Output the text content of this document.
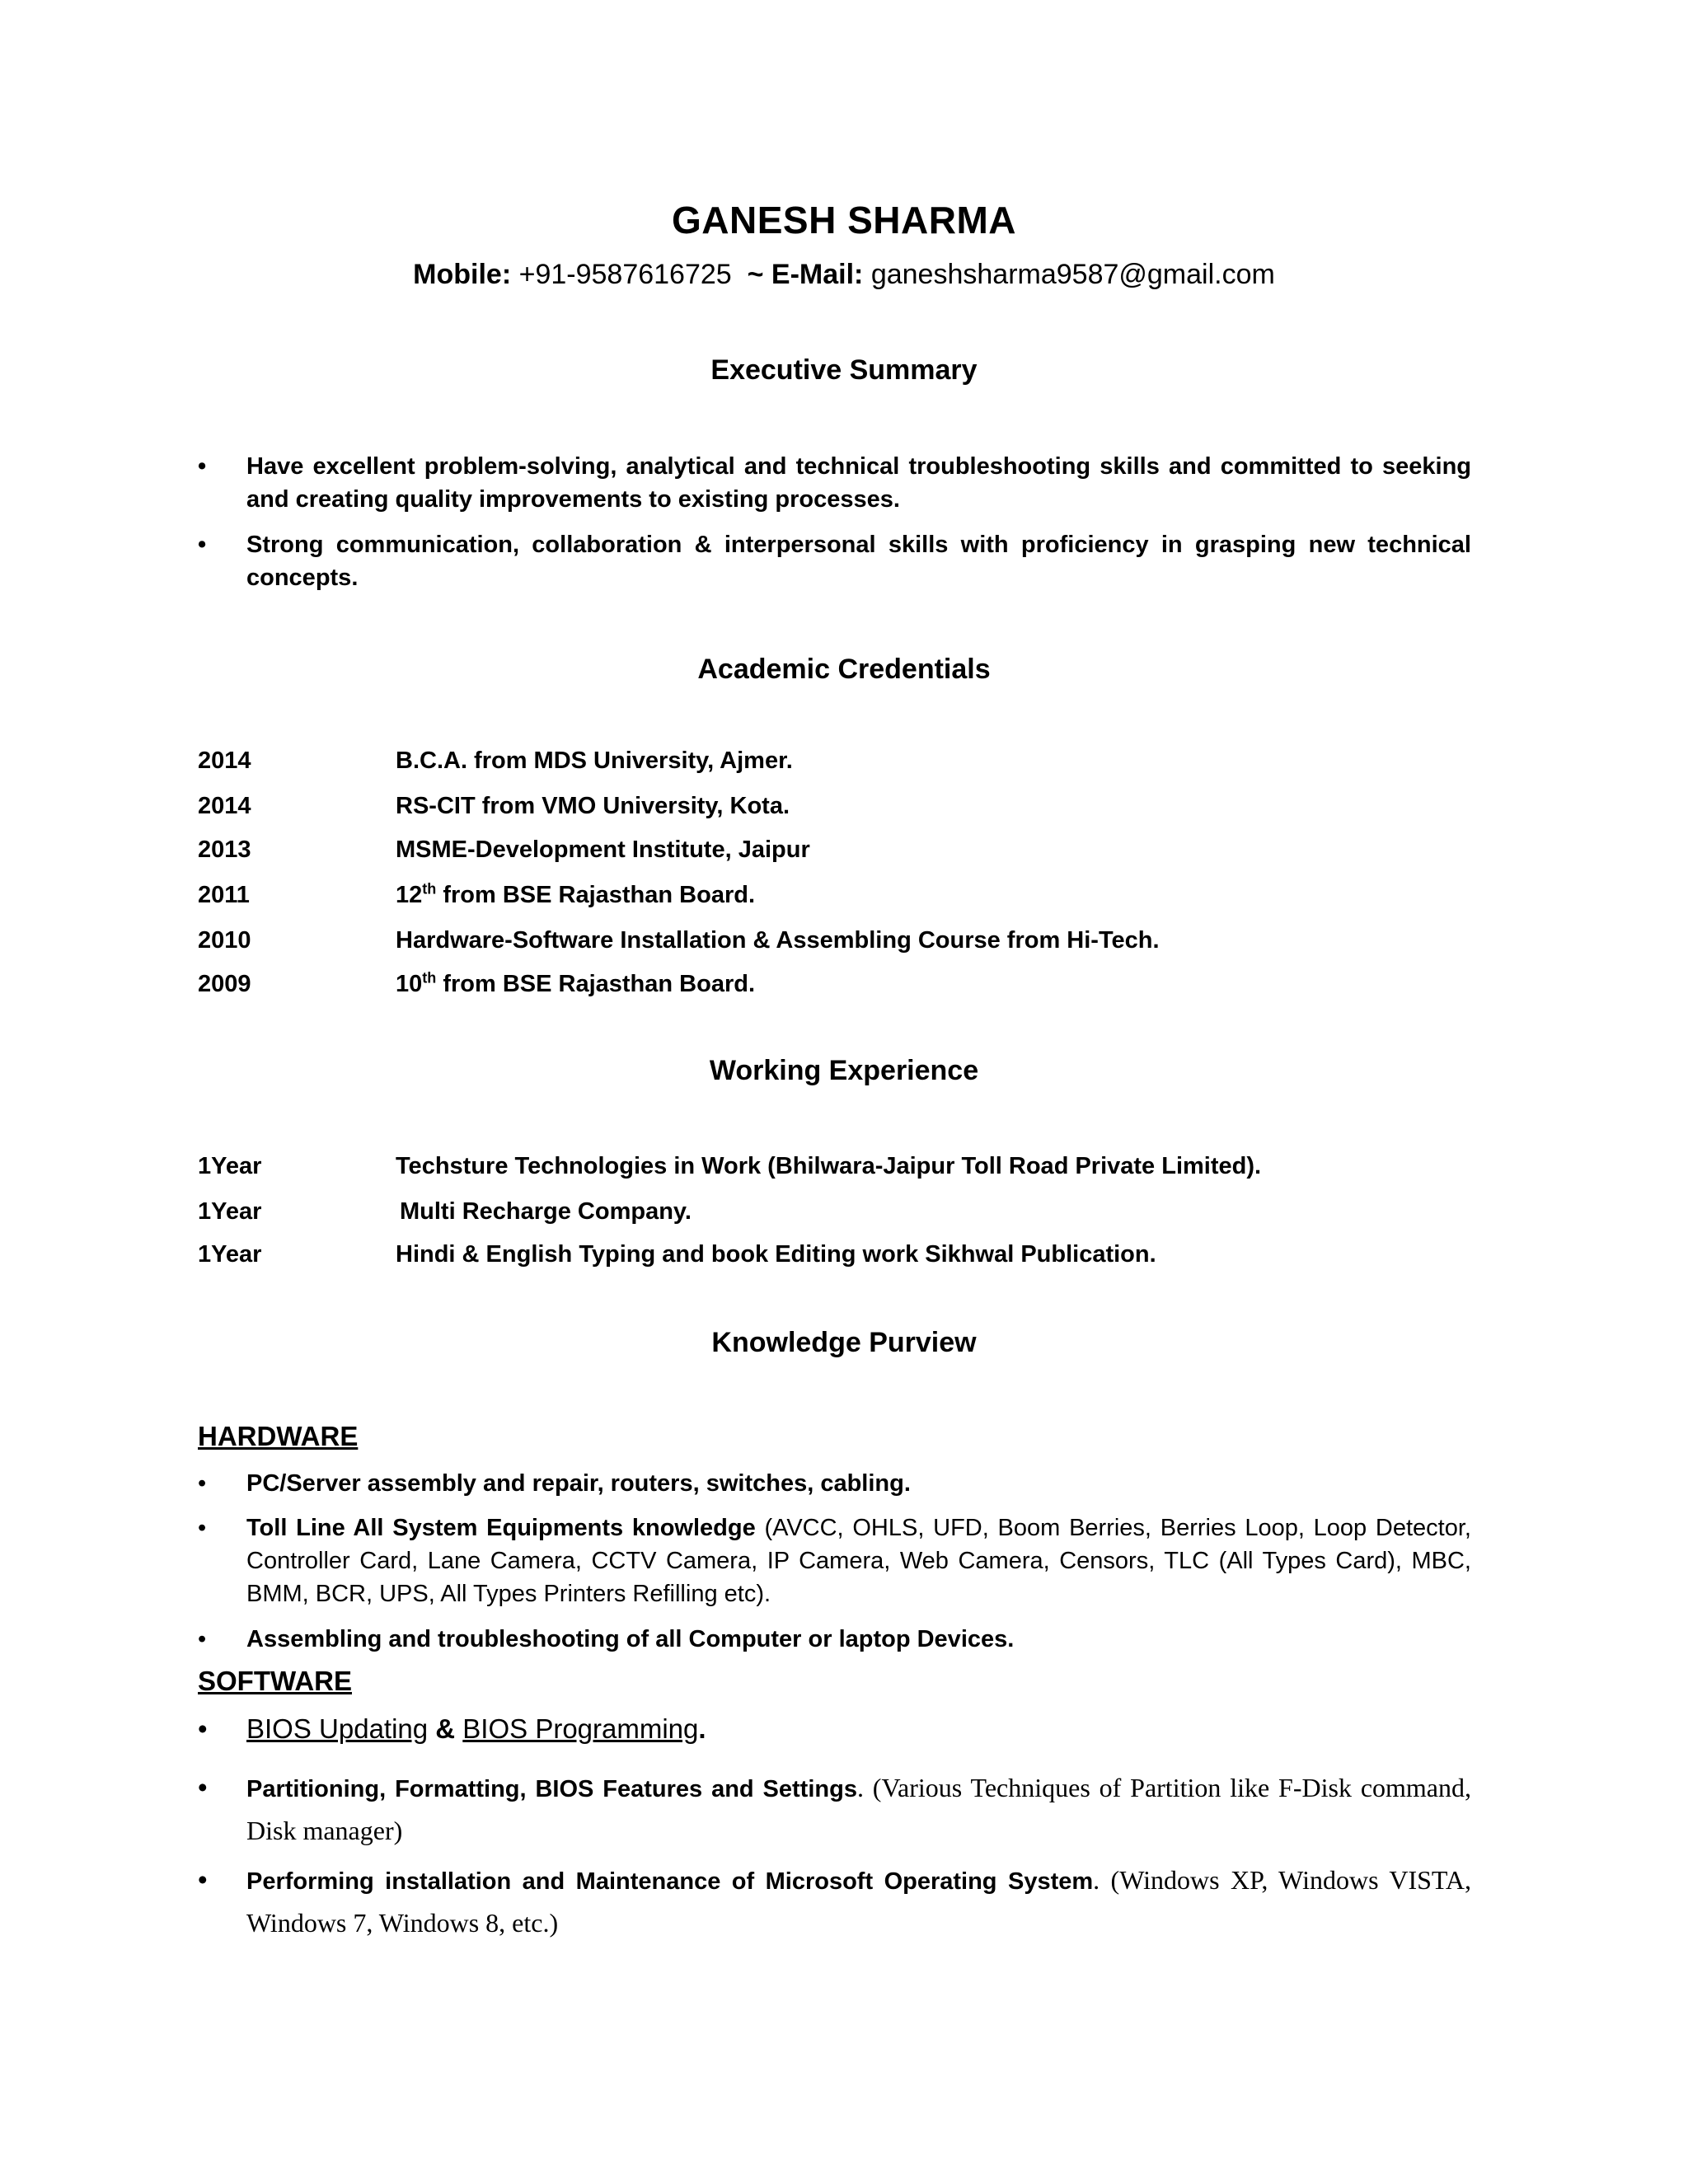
GANESH SHARMA
Mobile: +91-9587616725 ~ E-Mail: ganeshsharma9587@gmail.com
Executive Summary
•	Have excellent problem-solving, analytical and technical troubleshooting skills and committed to seeking and creating quality improvements to existing processes.
•	Strong communication, collaboration & interpersonal skills with proficiency in grasping new technical concepts.
Academic Credentials
2014	B.C.A. from MDS University, Ajmer.
2014	RS-CIT from VMO University, Kota.
2013	MSME-Development Institute, Jaipur
2011	12th from BSE Rajasthan Board.
2010	Hardware-Software Installation & Assembling Course from Hi-Tech.
2009	10th from BSE Rajasthan Board.
Working Experience
1Year	Techsture Technologies in Work (Bhilwara-Jaipur Toll Road Private Limited).
1Year	Multi Recharge Company.
1Year	Hindi & English Typing and book Editing work Sikhwal Publication.
Knowledge Purview
HARDWARE
•	PC/Server assembly and repair, routers, switches, cabling.
•	Toll Line All System Equipments knowledge (AVCC, OHLS, UFD, Boom Berries, Berries Loop, Loop Detector, Controller Card, Lane Camera, CCTV Camera, IP Camera, Web Camera, Censors, TLC (All Types Card), MBC, BMM, BCR, UPS, All Types Printers Refilling etc).
•	Assembling and troubleshooting of all Computer or laptop Devices.
SOFTWARE
•	BIOS Updating & BIOS Programming.
•	Partitioning, Formatting, BIOS Features and Settings. (Various Techniques of Partition like F-Disk command, Disk manager)
•	Performing installation and Maintenance of Microsoft Operating System. (Windows XP, Windows VISTA, Windows 7, Windows 8, etc.)
